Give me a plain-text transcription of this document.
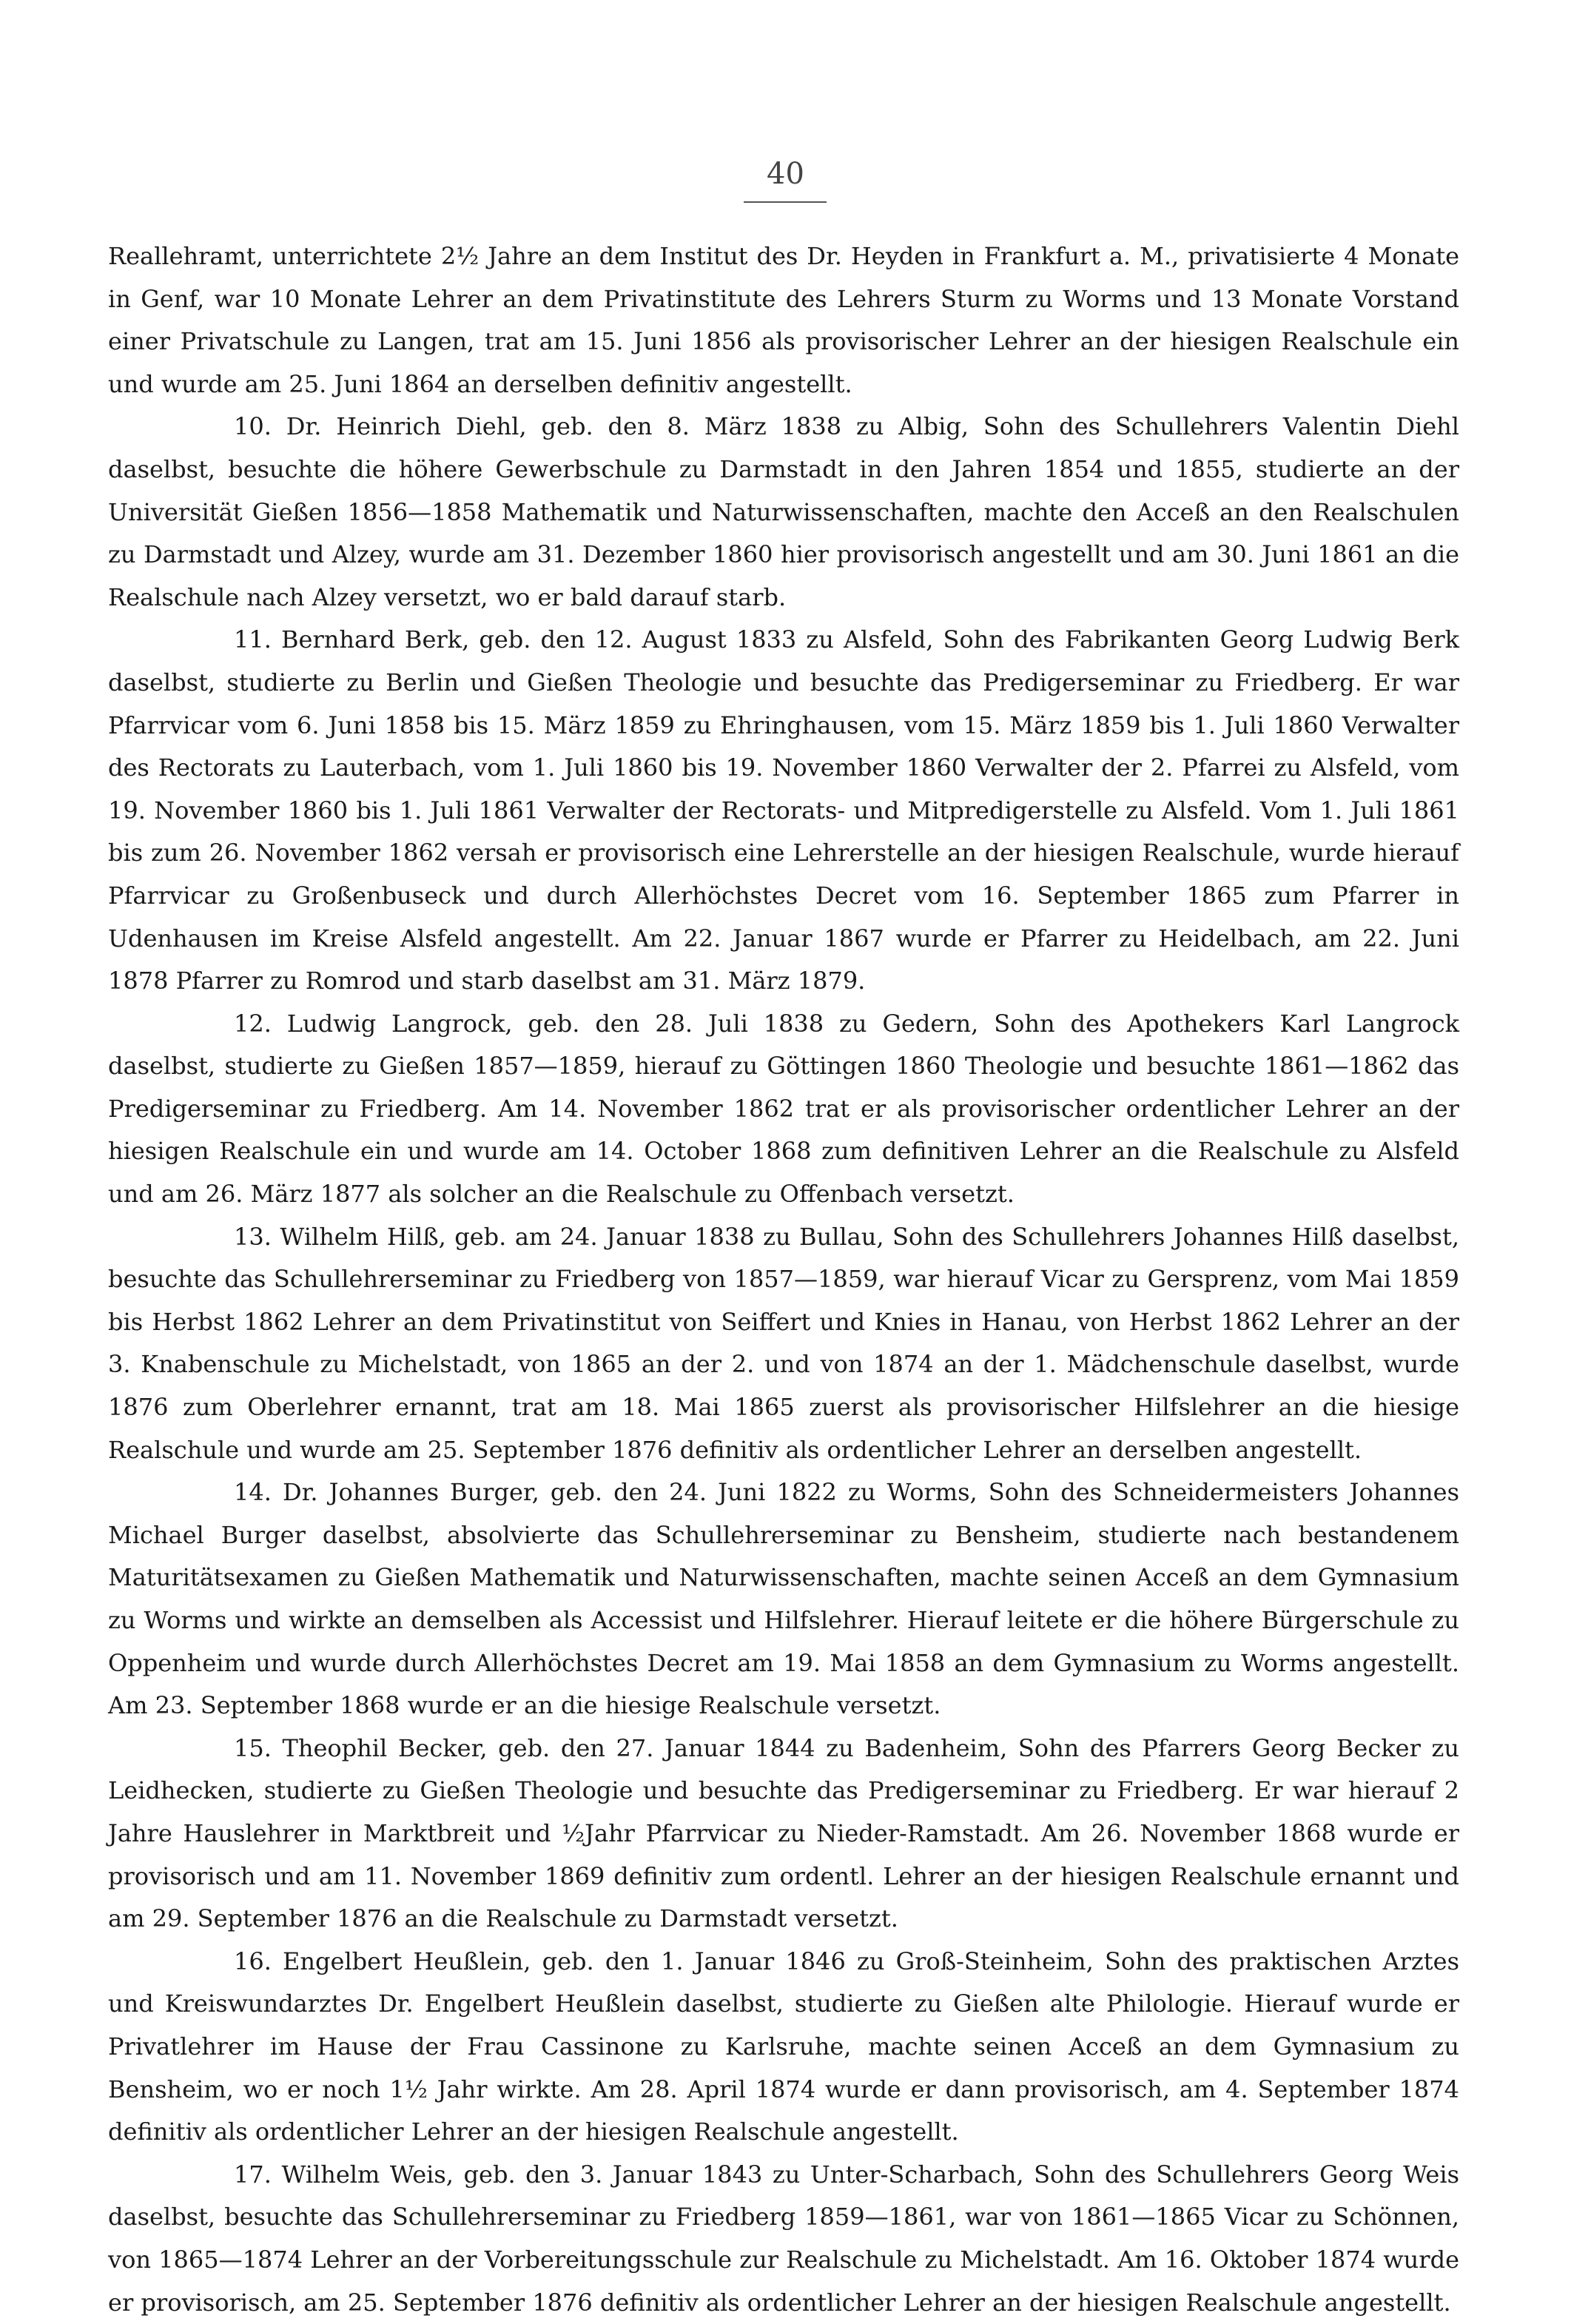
40

Reallehramt, unterrichtete 2½ Jahre an dem Institut des Dr. Heyden in Frankfurt a. M., privatisierte 4 Monate in Genf, war 10 Monate Lehrer an dem Privatinstitute des Lehrers Sturm zu Worms und 13 Monate Vorstand einer Privatschule zu Langen, trat am 15. Juni 1856 als provisorischer Lehrer an der hiesigen Realschule ein und wurde am 25. Juni 1864 an derselben definitiv angestellt.

10. Dr. Heinrich Diehl, geb. den 8. März 1838 zu Albig, Sohn des Schullehrers Valentin Diehl daselbst, besuchte die höhere Gewerbschule zu Darmstadt in den Jahren 1854 und 1855, studierte an der Universität Gießen 1856—1858 Mathematik und Naturwissenschaften, machte den Acceß an den Realschulen zu Darmstadt und Alzey, wurde am 31. Dezember 1860 hier provisorisch angestellt und am 30. Juni 1861 an die Realschule nach Alzey versetzt, wo er bald darauf starb.

11. Bernhard Berk, geb. den 12. August 1833 zu Alsfeld, Sohn des Fabrikanten Georg Ludwig Berk daselbst, studierte zu Berlin und Gießen Theologie und besuchte das Predigerseminar zu Friedberg. Er war Pfarrvicar vom 6. Juni 1858 bis 15. März 1859 zu Ehringhausen, vom 15. März 1859 bis 1. Juli 1860 Verwalter des Rectorats zu Lauterbach, vom 1. Juli 1860 bis 19. November 1860 Verwalter der 2. Pfarrei zu Alsfeld, vom 19. November 1860 bis 1. Juli 1861 Verwalter der Rectorats- und Mitpredigerstelle zu Alsfeld. Vom 1. Juli 1861 bis zum 26. November 1862 versah er provisorisch eine Lehrerstelle an der hiesigen Realschule, wurde hierauf Pfarrvicar zu Großenbuseck und durch Allerhöchstes Decret vom 16. September 1865 zum Pfarrer in Udenhausen im Kreise Alsfeld angestellt. Am 22. Januar 1867 wurde er Pfarrer zu Heidelbach, am 22. Juni 1878 Pfarrer zu Romrod und starb daselbst am 31. März 1879.

12. Ludwig Langrock, geb. den 28. Juli 1838 zu Gedern, Sohn des Apothekers Karl Langrock daselbst, studierte zu Gießen 1857—1859, hierauf zu Göttingen 1860 Theologie und besuchte 1861—1862 das Predigerseminar zu Friedberg. Am 14. November 1862 trat er als provisorischer ordentlicher Lehrer an der hiesigen Realschule ein und wurde am 14. October 1868 zum definitiven Lehrer an die Realschule zu Alsfeld und am 26. März 1877 als solcher an die Realschule zu Offenbach versetzt.

13. Wilhelm Hilß, geb. am 24. Januar 1838 zu Bullau, Sohn des Schullehrers Johannes Hilß daselbst, besuchte das Schullehrerseminar zu Friedberg von 1857—1859, war hierauf Vicar zu Gersprenz, vom Mai 1859 bis Herbst 1862 Lehrer an dem Privatinstitut von Seiffert und Knies in Hanau, von Herbst 1862 Lehrer an der 3. Knabenschule zu Michelstadt, von 1865 an der 2. und von 1874 an der 1. Mädchenschule daselbst, wurde 1876 zum Oberlehrer ernannt, trat am 18. Mai 1865 zuerst als provisorischer Hilfslehrer an die hiesige Realschule und wurde am 25. September 1876 definitiv als ordentlicher Lehrer an derselben angestellt.

14. Dr. Johannes Burger, geb. den 24. Juni 1822 zu Worms, Sohn des Schneidermeisters Johannes Michael Burger daselbst, absolvierte das Schullehrerseminar zu Bensheim, studierte nach bestandenem Maturitätsexamen zu Gießen Mathematik und Naturwissenschaften, machte seinen Acceß an dem Gymnasium zu Worms und wirkte an demselben als Accessist und Hilfslehrer. Hierauf leitete er die höhere Bürgerschule zu Oppenheim und wurde durch Allerhöchstes Decret am 19. Mai 1858 an dem Gymnasium zu Worms angestellt. Am 23. September 1868 wurde er an die hiesige Realschule versetzt.

15. Theophil Becker, geb. den 27. Januar 1844 zu Badenheim, Sohn des Pfarrers Georg Becker zu Leidhecken, studierte zu Gießen Theologie und besuchte das Predigerseminar zu Friedberg. Er war hierauf 2 Jahre Hauslehrer in Marktbreit und ½Jahr Pfarrvicar zu Nieder-Ramstadt. Am 26. November 1868 wurde er provisorisch und am 11. November 1869 definitiv zum ordentl. Lehrer an der hiesigen Realschule ernannt und am 29. September 1876 an die Realschule zu Darmstadt versetzt.

16. Engelbert Heußlein, geb. den 1. Januar 1846 zu Groß-Steinheim, Sohn des praktischen Arztes und Kreiswundarztes Dr. Engelbert Heußlein daselbst, studierte zu Gießen alte Philologie. Hierauf wurde er Privatlehrer im Hause der Frau Cassinone zu Karlsruhe, machte seinen Acceß an dem Gymnasium zu Bensheim, wo er noch 1½ Jahr wirkte. Am 28. April 1874 wurde er dann provisorisch, am 4. September 1874 definitiv als ordentlicher Lehrer an der hiesigen Realschule angestellt.

17. Wilhelm Weis, geb. den 3. Januar 1843 zu Unter-Scharbach, Sohn des Schullehrers Georg Weis daselbst, besuchte das Schullehrerseminar zu Friedberg 1859—1861, war von 1861—1865 Vicar zu Schönnen, von 1865—1874 Lehrer an der Vorbereitungsschule zur Realschule zu Michelstadt. Am 16. Oktober 1874 wurde er provisorisch, am 25. September 1876 definitiv als ordentlicher Lehrer an der hiesigen Realschule angestellt.
